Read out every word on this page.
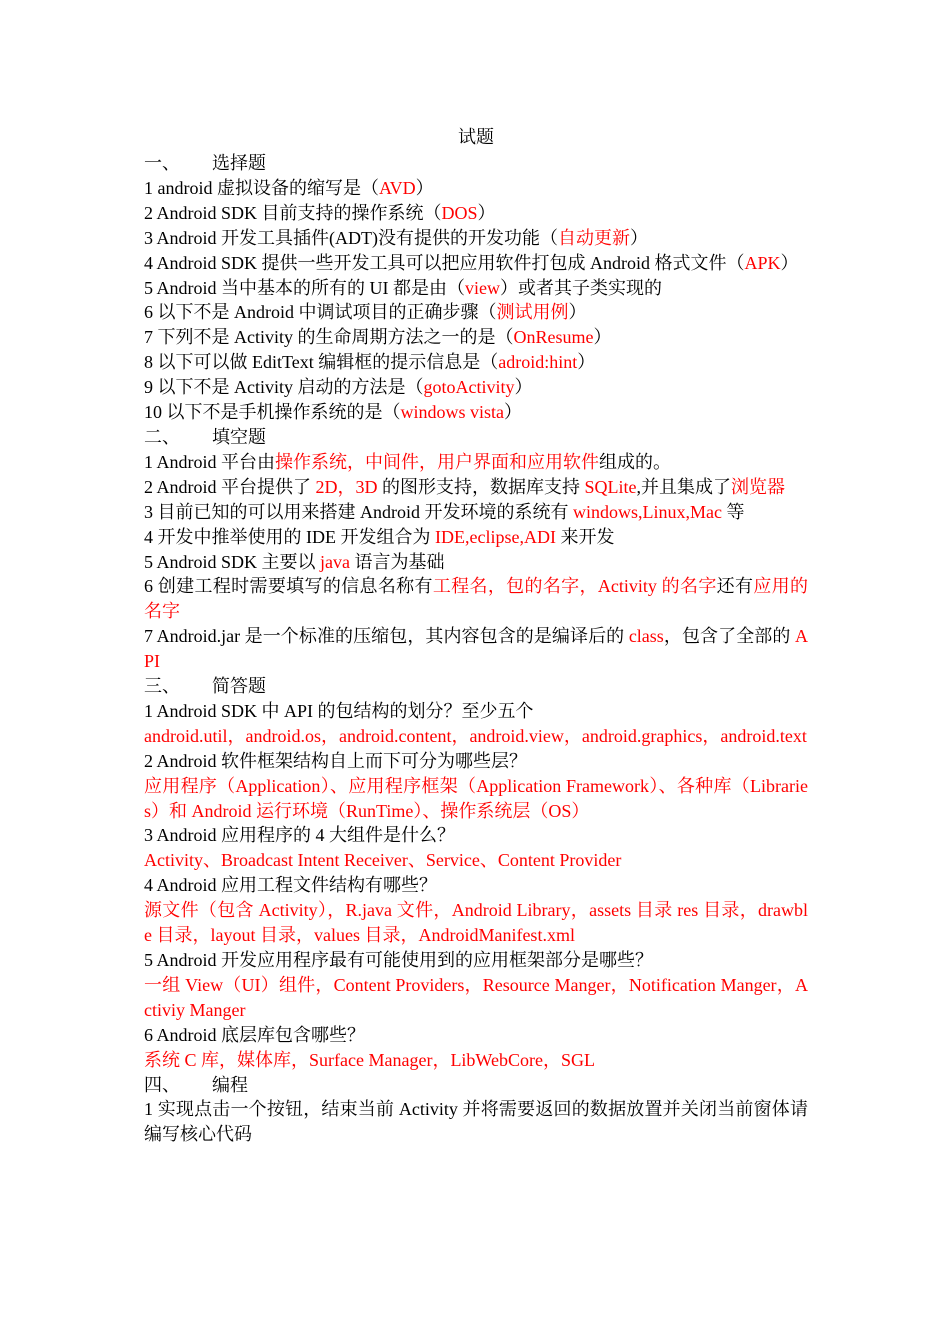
试题

一、 选择题

1 android 虚拟设备的缩写是（AVD）

2 Android SDK 目前支持的操作系统（DOS）

3 Android 开发工具插件(ADT)没有提供的开发功能（自动更新）

4 Android SDK 提供一些开发工具可以把应用软件打包成 Android 格式文件（APK）

5 Android 当中基本的所有的 UI 都是由（view）或者其子类实现的

6 以下不是 Android 中调试项目的正确步骤（测试用例）

7 下列不是 Activity 的生命周期方法之一的是（OnResume）

8 以下可以做 EditText 编辑框的提示信息是（adroid:hint）

9 以下不是 Activity 启动的方法是（gotoActivity）

10 以下不是手机操作系统的是（windows vista）

二、 填空题

1 Android 平台由操作系统，中间件，用户界面和应用软件组成的。

2 Android 平台提供了 2D，3D 的图形支持，数据库支持 SQLite,并且集成了浏览器

3 目前已知的可以用来搭建 Android 开发环境的系统有 windows,Linux,Mac 等

4 开发中推举使用的 IDE 开发组合为 IDE,eclipse,ADI 来开发

5 Android SDK 主要以 java 语言为基础

6 创建工程时需要填写的信息名称有工程名，包的名字，Activity 的名字还有应用的名字

7 Android.jar 是一个标准的压缩包，其内容包含的是编译后的 class，包含了全部的 API

三、 简答题

1 Android SDK 中 API 的包结构的划分？至少五个

android.util，android.os，android.content，android.view，android.graphics，android.text

2 Android 软件框架结构自上而下可分为哪些层？

应用程序（Application）、应用程序框架（Application Framework）、各种库（Libraries）和 Android 运行环境（RunTime）、操作系统层（OS）

3 Android 应用程序的 4 大组件是什么？

Activity、Broadcast Intent Receiver、Service、Content Provider

4 Android 应用工程文件结构有哪些？

源文件（包含 Activity），R.java 文件，Android Library，assets 目录 res 目录，drawble 目录，layout 目录，values 目录，AndroidManifest.xml

5 Android 开发应用程序最有可能使用到的应用框架部分是哪些？

一组 View（UI）组件，Content Providers，Resource Manger，Notification Manger，Activiy Manger

6 Android 底层库包含哪些？

系统 C 库，媒体库，Surface Manager，LibWebCore，SGL

四、 编程

1 实现点击一个按钮，结束当前 Activity 并将需要返回的数据放置并关闭当前窗体请编写核心代码
